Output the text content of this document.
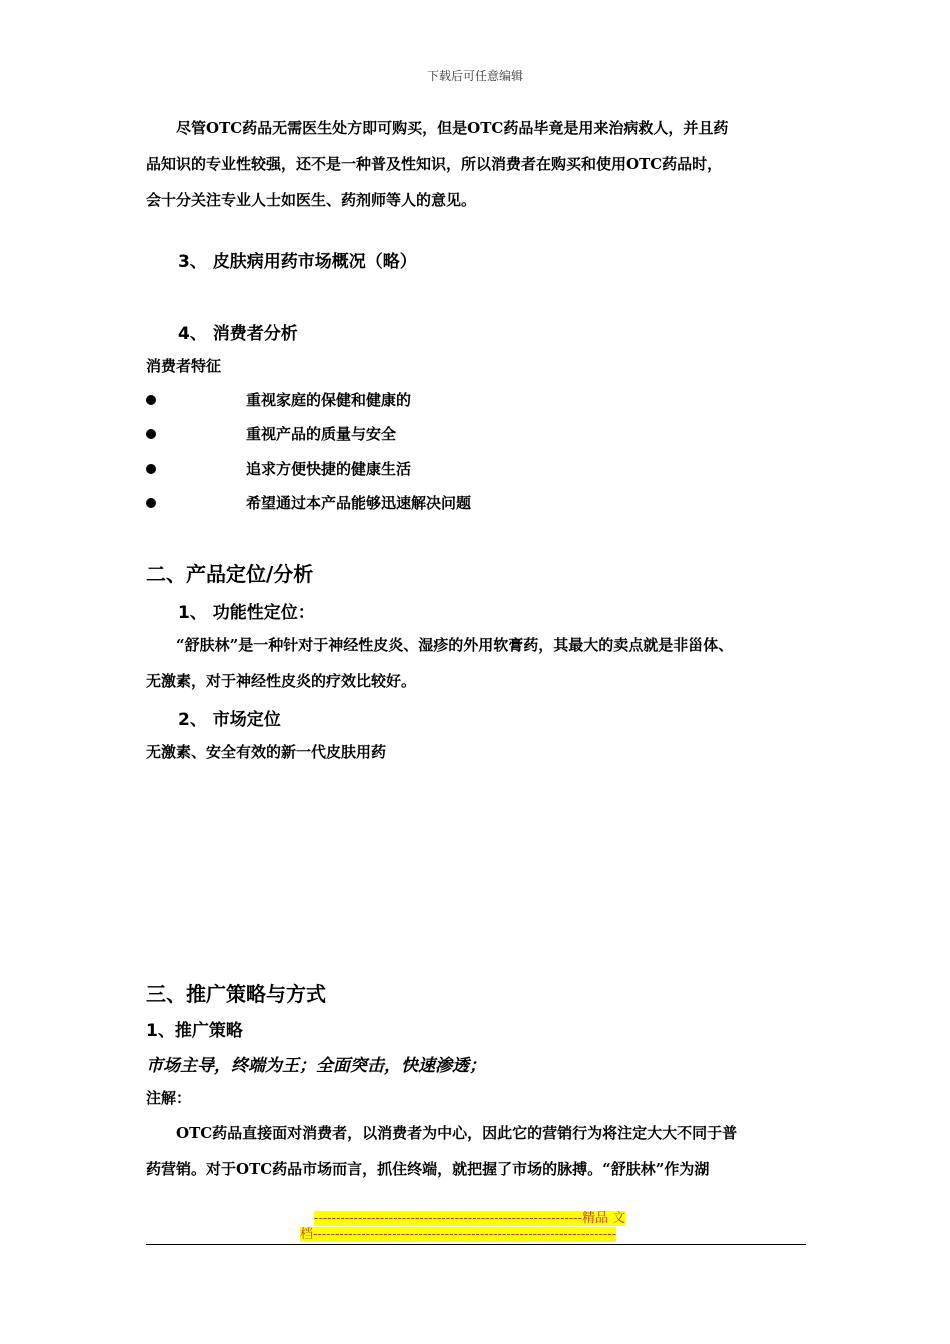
下载后可任意编辑
尽管OTC药品无需医生处方即可购买，但是OTC药品毕竟是用来治病救人，并且药
品知识的专业性较强，还不是一种普及性知识，所以消费者在购买和使用OTC药品时，
会十分关注专业人士如医生、药剂师等人的意见。
3、 皮肤病用药市场概况（略）
4、 消费者分析
消费者特征
重视家庭的保健和健康的
重视产品的质量与安全
追求方便快捷的健康生活
希望通过本产品能够迅速解决问题
二、产品定位/分析
1、 功能性定位：
“舒肤林”是一种针对于神经性皮炎、湿疹的外用软膏药，其最大的卖点就是非甾体、
无激素，对于神经性皮炎的疗效比较好。
2、 市场定位
无激素、安全有效的新一代皮肤用药
三、推广策略与方式
1、推广策略
市场主导，终端为王；全面突击，快速渗透；
注解：
OTC药品直接面对消费者，以消费者为中心，因此它的营销行为将注定大大不同于普
药营销。对于OTC药品市场而言，抓住终端，就把握了市场的脉搏。“舒肤林”作为湖
-------------------------------------------------------------精品 文
档---------------------------------------------------------------------
